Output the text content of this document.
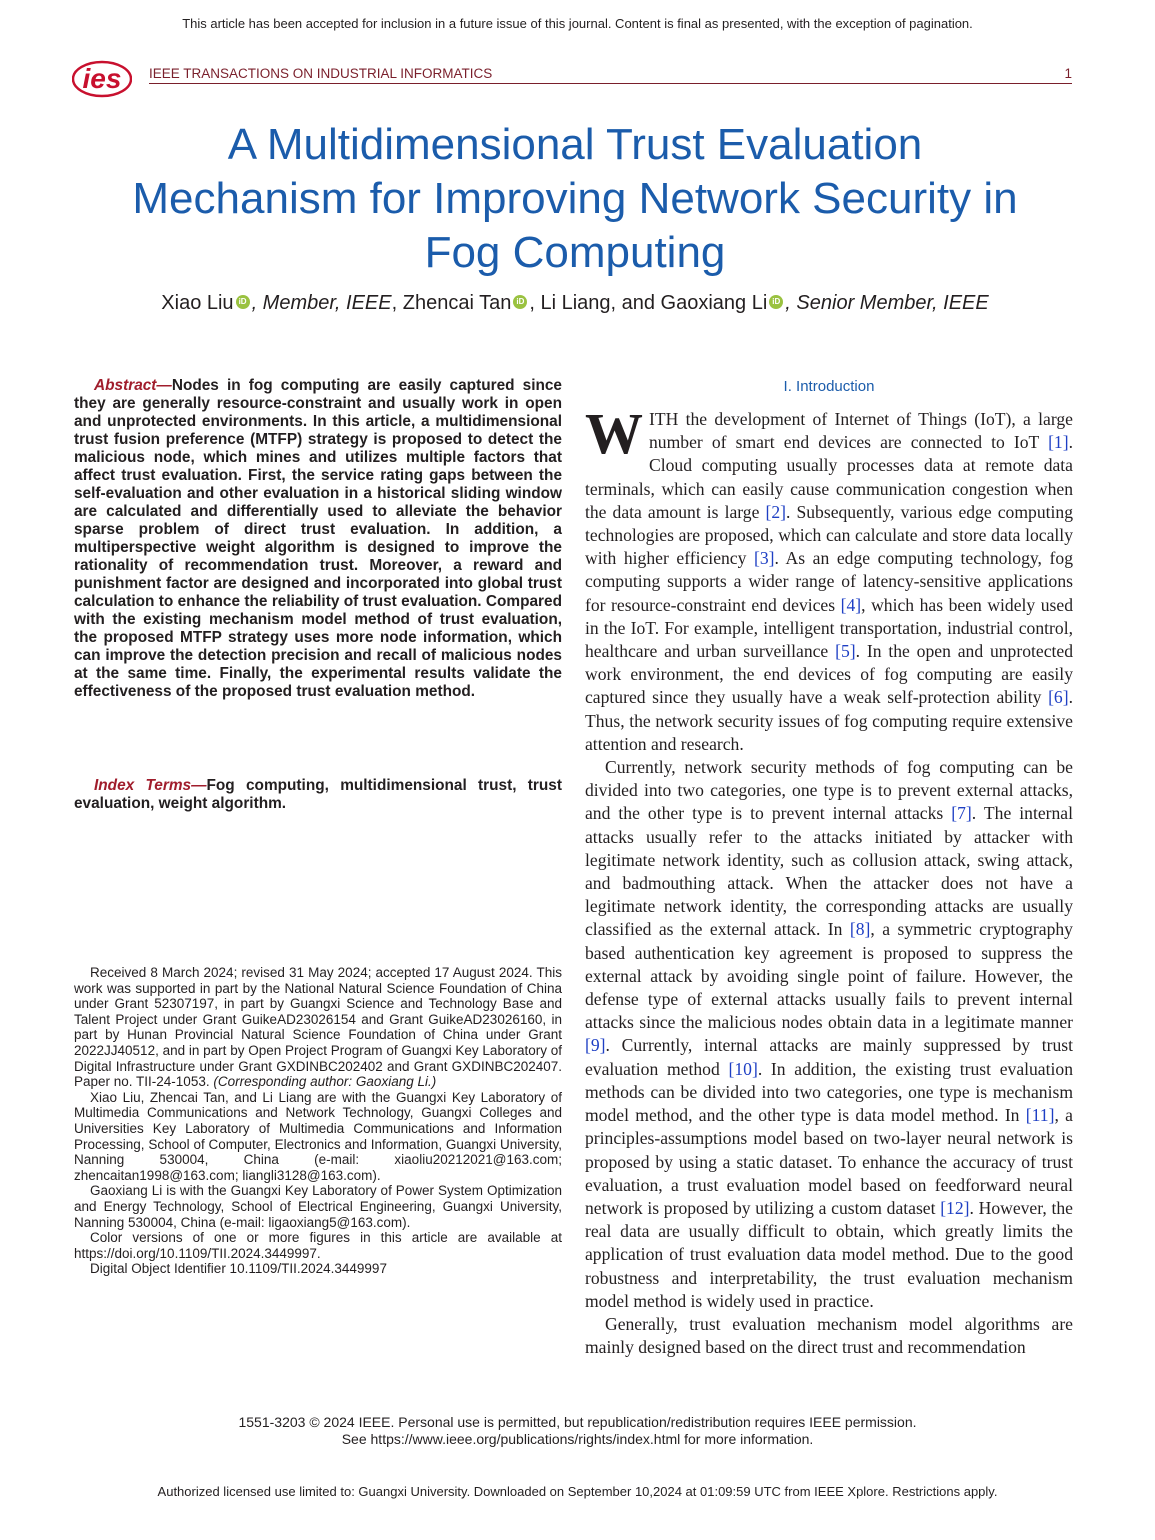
This article has been accepted for inclusion in a future issue of this journal. Content is final as presented, with the exception of pagination.
ies IEEE TRANSACTIONS ON INDUSTRIAL INFORMATICS	1
A Multidimensional Trust Evaluation Mechanism for Improving Network Security in Fog Computing
Xiao Liu iD , Member, IEEE, Zhencai Tan iD , Li Liang, and Gaoxiang Li iD , Senior Member, IEEE
Abstract—Nodes in fog computing are easily captured since they are generally resource-constraint and usually work in open and unprotected environments. In this article, a multidimensional trust fusion preference (MTFP) strategy is proposed to detect the malicious node, which mines and utilizes multiple factors that affect trust evaluation. First, the service rating gaps between the self-evaluation and other evaluation in a historical sliding window are calculated and differentially used to alleviate the behavior sparse problem of direct trust evaluation. In addition, a multiperspective weight algorithm is designed to improve the rationality of recommendation trust. Moreover, a reward and punishment factor are designed and incorporated into global trust calculation to enhance the reliability of trust evaluation. Compared with the existing mechanism model method of trust evaluation, the proposed MTFP strategy uses more node information, which can improve the detection precision and recall of malicious nodes at the same time. Finally, the experimental results validate the effectiveness of the proposed trust evaluation method.
Index Terms—Fog computing, multidimensional trust, trust evaluation, weight algorithm.

Received 8 March 2024; revised 31 May 2024; accepted 17 August 2024. This work was supported in part by the National Natural Science Foundation of China under Grant 52307197, in part by Guangxi Science and Technology Base and Talent Project under Grant GuikeAD23026154 and Grant GuikeAD23026160, in part by Hunan Provincial Natural Science Foundation of China under Grant 2022JJ40512, and in part by Open Project Program of Guangxi Key Laboratory of Digital Infrastructure under Grant GXDINBC202402 and Grant GXDINBC202407. Paper no. TII-24-1053. (Corresponding author: Gaoxiang Li.)

Xiao Liu, Zhencai Tan, and Li Liang are with the Guangxi Key Laboratory of Multimedia Communications and Network Technology, Guangxi Colleges and Universities Key Laboratory of Multimedia Communications and Information Processing, School of Computer, Electronics and Information, Guangxi University, Nanning 530004, China (e-mail: xiaoliu20212021@163.com; zhencaitan1998@163.com; liangli3128@163.com).

Gaoxiang Li is with the Guangxi Key Laboratory of Power System Optimization and Energy Technology, School of Electrical Engineering, Guangxi University, Nanning 530004, China (e-mail: ligaoxiang5@163.com).

Color versions of one or more figures in this article are available at https://doi.org/10.1109/TII.2024.3449997.

Digital Object Identifier 10.1109/TII.2024.3449997

I. Introduction

WITH the development of Internet of Things (IoT), a large number of smart end devices are connected to IoT [1]. Cloud computing usually processes data at remote data terminals, which can easily cause communication congestion when the data amount is large [2]. Subsequently, various edge computing technologies are proposed, which can calculate and store data locally with higher efficiency [3]. As an edge computing technology, fog computing supports a wider range of latency-sensitive applications for resource-constraint end devices [4], which has been widely used in the IoT. For example, intelligent transportation, industrial control, healthcare and urban surveillance [5]. In the open and unprotected work environment, the end devices of fog computing are easily captured since they usually have a weak self-protection ability [6]. Thus, the network security issues of fog computing require extensive attention and research.

Currently, network security methods of fog computing can be divided into two categories, one type is to prevent external attacks, and the other type is to prevent internal attacks [7]. The internal attacks usually refer to the attacks initiated by attacker with legitimate network identity, such as collusion attack, swing attack, and badmouthing attack. When the attacker does not have a legitimate network identity, the corresponding attacks are usually classified as the external attack. In [8], a symmetric cryptography based authentication key agreement is proposed to suppress the external attack by avoiding single point of failure. However, the defense type of external attacks usually fails to prevent internal attacks since the malicious nodes obtain data in a legitimate manner [9]. Currently, internal attacks are mainly suppressed by trust evaluation method [10]. In addition, the existing trust evaluation methods can be divided into two categories, one type is mechanism model method, and the other type is data model method. In [11], a principles-assumptions model based on two-layer neural network is proposed by using a static dataset. To enhance the accuracy of trust evaluation, a trust evaluation model based on feedforward neural network is proposed by utilizing a custom dataset [12]. However, the real data are usually difficult to obtain, which greatly limits the application of trust evaluation data model method. Due to the good robustness and interpretability, the trust evaluation mechanism model method is widely used in practice.

Generally, trust evaluation mechanism model algorithms are mainly designed based on the direct trust and recommendation

1551-3203 © 2024 IEEE. Personal use is permitted, but republication/redistribution requires IEEE permission.
See https://www.ieee.org/publications/rights/index.html for more information.
Authorized licensed use limited to: Guangxi University. Downloaded on September 10,2024 at 01:09:59 UTC from IEEE Xplore. Restrictions apply.
